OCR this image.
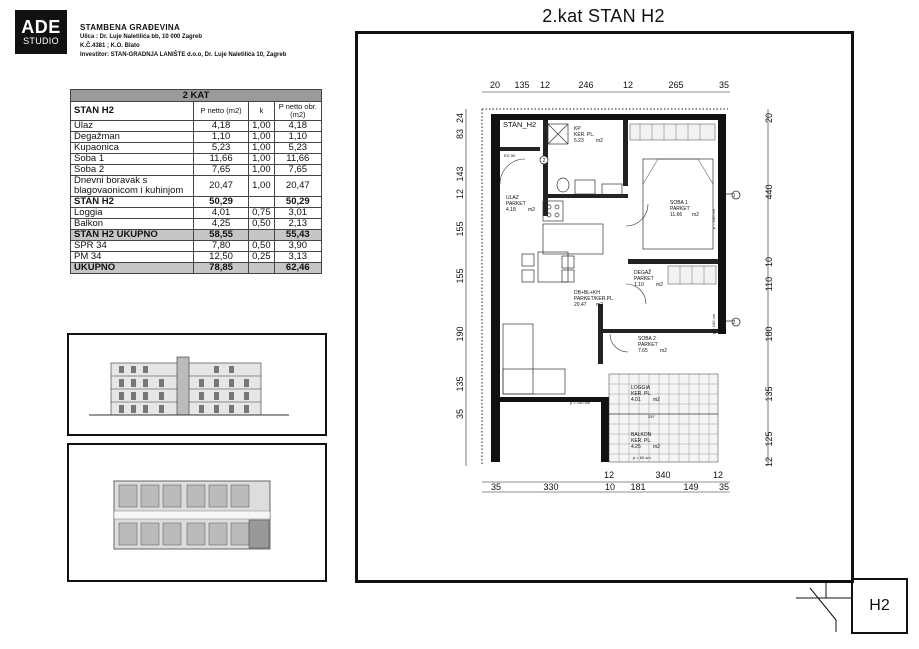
ADE
STUDIO
STAMBENA GRAĐEVINA
Ulica : Dr. Luje Naletilića bb, 10 000 Zagreb
K.Č.4381 ; K.O. Blato
Investitor: STAN-GRADNJA LANIŠTE d.o.o, Dr. Luje Naletilića 10, Zagreb
2 KAT			
STAN H2	P netto (m2)	k	P netto obr. (m2)
Ulaz	4,18	1,00	4,18
Degažman	1,10	1,00	1,10
Kupaonica	5,23	1,00	5,23
Soba 1	11,66	1,00	11,66
Soba 2	7,65	1,00	7,65
Dnevni boravak s blagovaonicom i kuhinjom	20,47	1,00	20,47
STAN H2	50,29		50,29
Loggia	4,01	0,75	3,01
Balkon	4,25	0,50	2,13
STAN H2 UKUPNO	58,55		55,43
SPR 34	7,80	0,50	3,90
PM 34	12,50	0,25	3,13
UKUPNO	78,85		62,46
2.kat STAN H2
20 135 12	246	12	265	35
12	340	12
35	330	10 181	149 35
24
83
143
12
155
155
190
135
35
20
440
10
110
180
135
125
12
STAN_H2
EG 50
KP
KER. PL.
5.23 m2
ULAZ
PARKET
4.18 m2
SOBA 1
PARKET
11.66 m2
DEGAŽ
PARKET
1.10 m2
DB+BL+KH
PARKET/KER.PL.
20.47 m2
SOBA 2
PARKET
7.65 m2
LOGGIA
KER. PL.
4.01 m2
BALKON
KER. PL.
4.25 m2
p = 100 cm
p = 100 cm
p = 100 cm
p = 60 cm
297
1
2
2
H2
